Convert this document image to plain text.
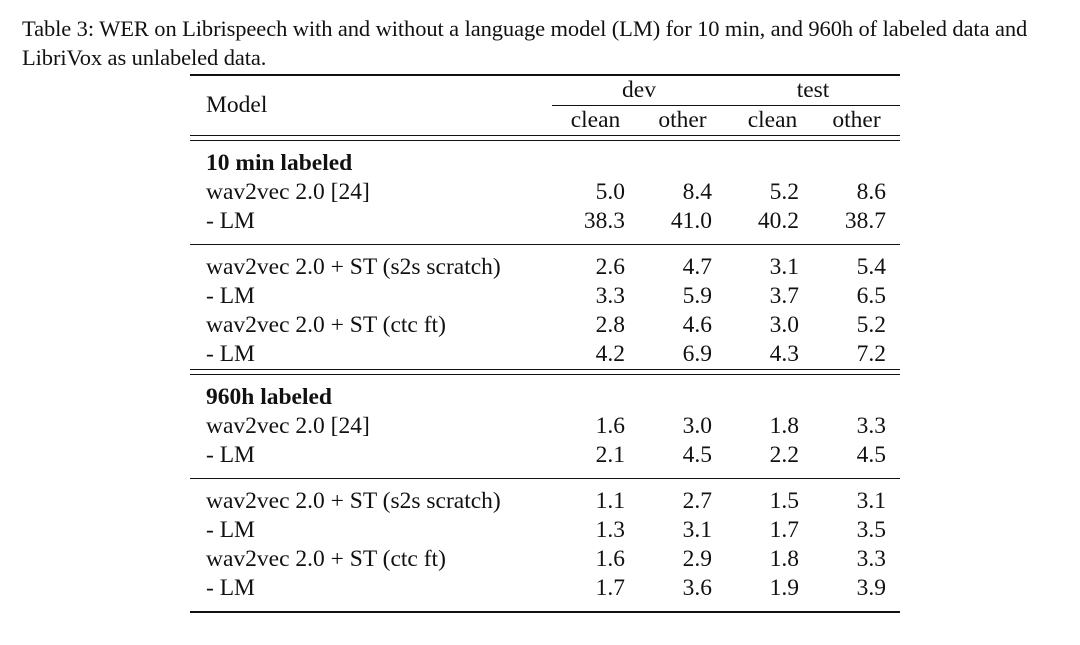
Table 3: WER on Librispeech with and without a language model (LM) for 10 min, and 960h of labeled data and LibriVox as unlabeled data.
Model	dev		test	
	clean	other	clean	other

10 min labeled				
wav2vec 2.0 [24]	5.0	8.4	5.2	8.6
- LM	38.3	41.0	40.2	38.7

wav2vec 2.0 + ST (s2s scratch)	2.6	4.7	3.1	5.4
- LM	3.3	5.9	3.7	6.5
wav2vec 2.0 + ST (ctc ft)	2.8	4.6	3.0	5.2
- LM	4.2	6.9	4.3	7.2

960h labeled				
wav2vec 2.0 [24]	1.6	3.0	1.8	3.3
- LM	2.1	4.5	2.2	4.5

wav2vec 2.0 + ST (s2s scratch)	1.1	2.7	1.5	3.1
- LM	1.3	3.1	1.7	3.5
wav2vec 2.0 + ST (ctc ft)	1.6	2.9	1.8	3.3
- LM	1.7	3.6	1.9	3.9
